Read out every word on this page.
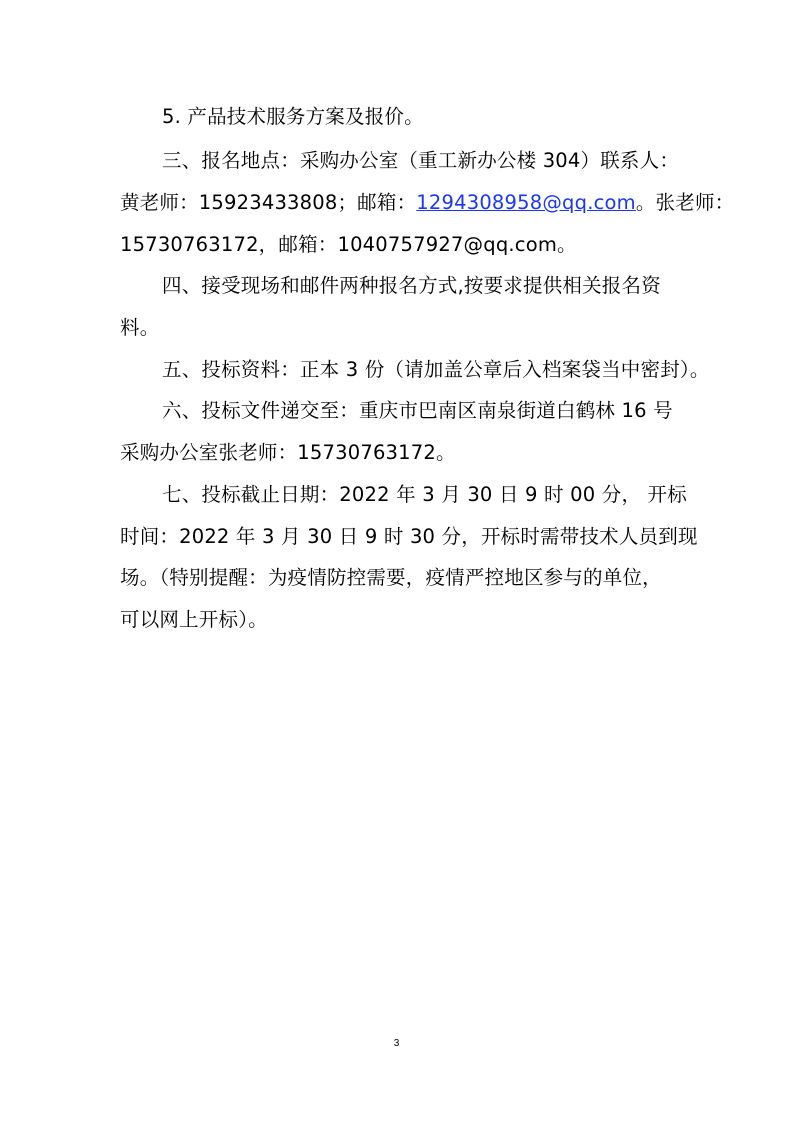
5. 产品技术服务方案及报价。
三、报名地点：采购办公室（重工新办公楼 304）联系人：
黄老师：15923433808；邮箱：1294308958@qq.com。张老师：
15730763172，邮箱：1040757927@qq.com。
四、接受现场和邮件两种报名方式,按要求提供相关报名资
料。
五、投标资料：正本 3 份（请加盖公章后入档案袋当中密封）。
六、投标文件递交至：重庆市巴南区南泉街道白鹤林 16 号
采购办公室张老师：15730763172。
七、投标截止日期：2022 年 3 月 30 日 9 时 00 分， 开标
时间：2022 年 3 月 30 日 9 时 30 分，开标时需带技术人员到现
场。（特别提醒：为疫情防控需要，疫情严控地区参与的单位，
可以网上开标）。
3
